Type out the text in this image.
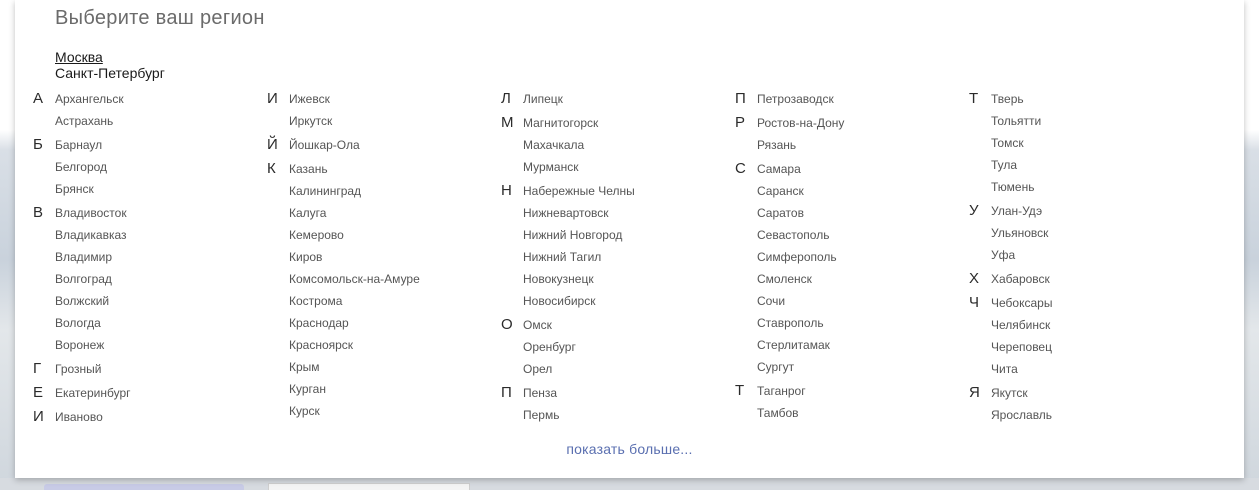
Выберите ваш регион
Москва
Санкт-Петербург
А Архангельск
Астрахань
Б Барнаул
Белгород
Брянск
В Владивосток
Владикавказ
Владимир
Волгоград
Волжский
Вологда
Воронеж
Г Грозный
Е Екатеринбург
И Иваново
И Ижевск
Иркутск
Й Йошкар-Ола
К Казань
Калининград
Калуга
Кемерово
Киров
Комсомольск-на-Амуре
Кострома
Краснодар
Красноярск
Крым
Курган
Курск
Л Липецк
М Магнитогорск
Махачкала
Мурманск
Н Набережные Челны
Нижневартовск
Нижний Новгород
Нижний Тагил
Новокузнецк
Новосибирск
О Омск
Оренбург
Орел
П Пенза
Пермь
П Петрозаводск
Р Ростов-на-Дону
Рязань
С Самара
Саранск
Саратов
Севастополь
Симферополь
Смоленск
Сочи
Ставрополь
Стерлитамак
Сургут
Т Таганрог
Тамбов
Т Тверь
Тольятти
Томск
Тула
Тюмень
У Улан-Удэ
Ульяновск
Уфа
Х Хабаровск
Ч Чебоксары
Челябинск
Череповец
Чита
Я Якутск
Ярославль
показать больше...
